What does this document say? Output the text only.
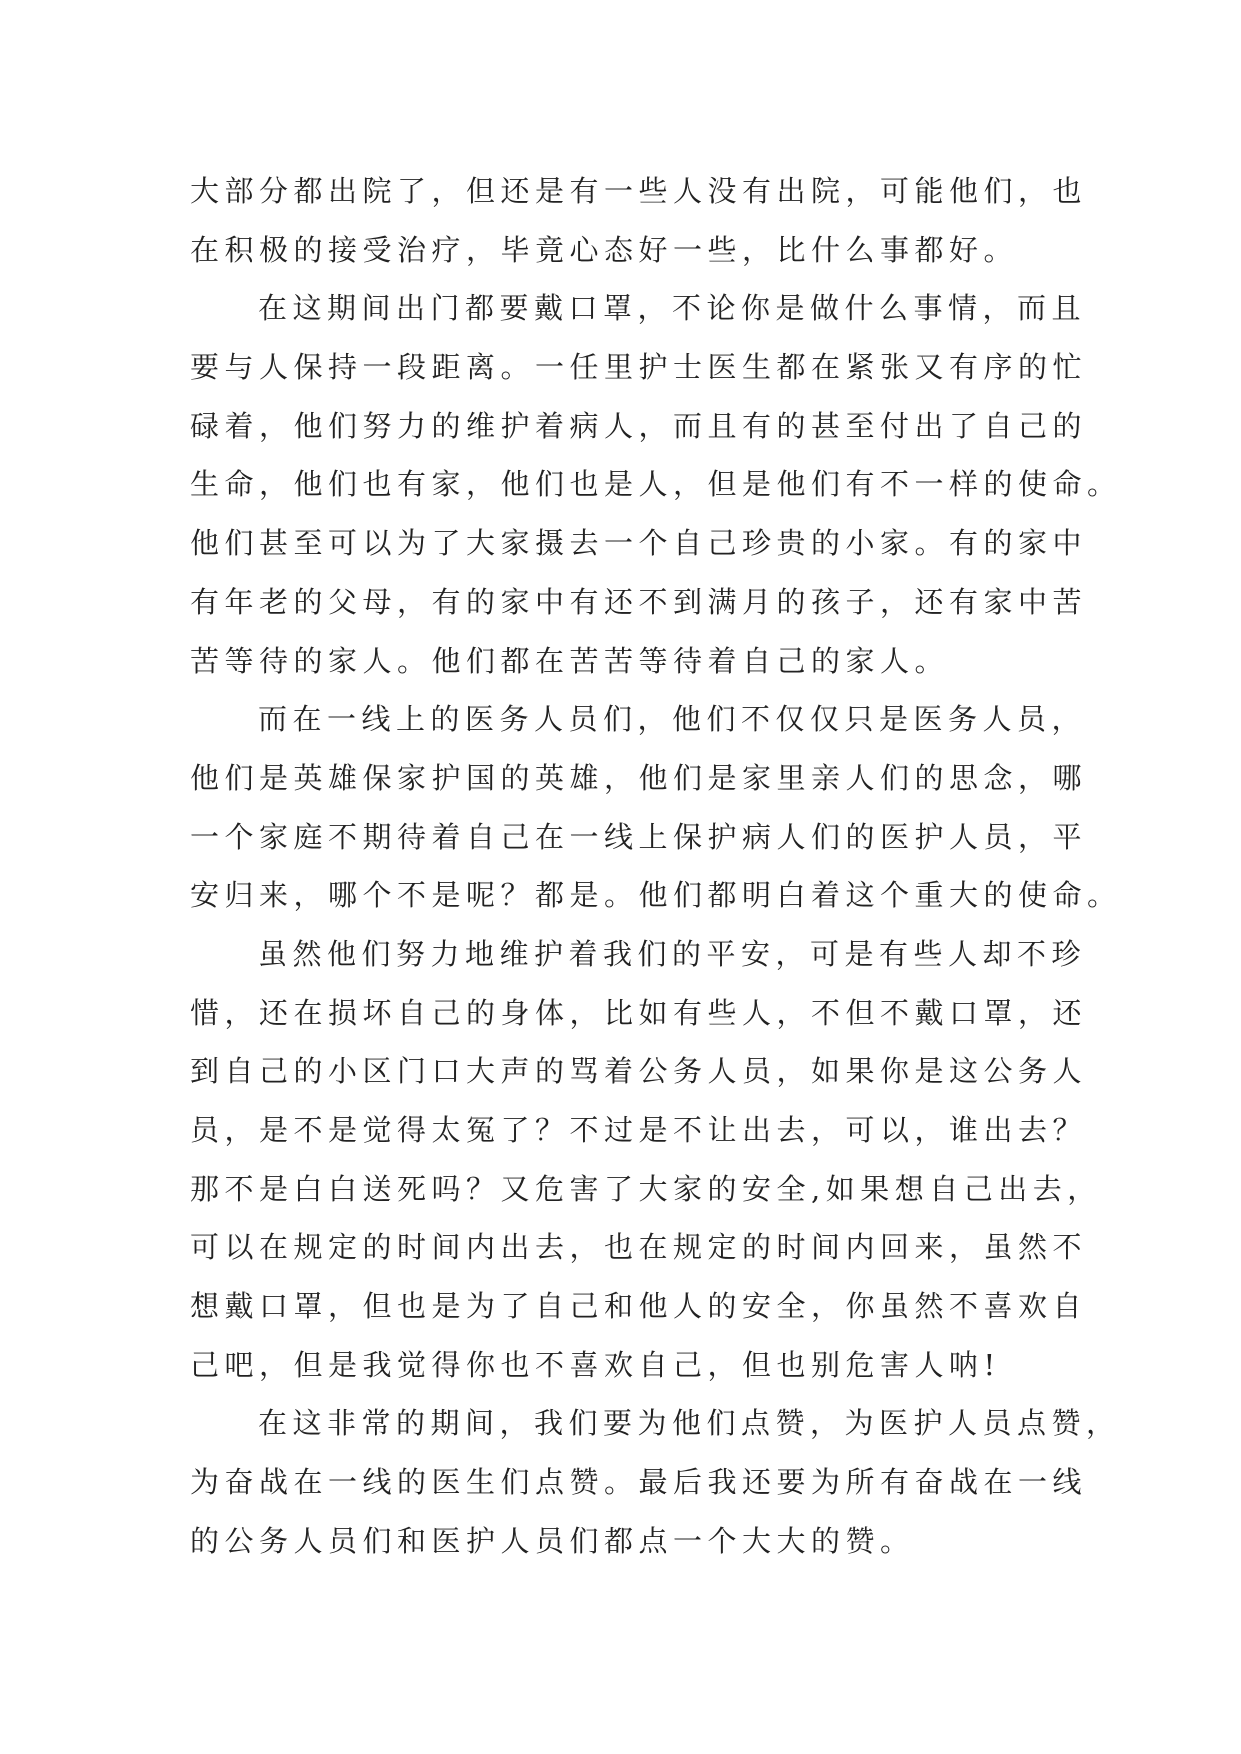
大部分都出院了，但还是有一些人没有出院，可能他们，也
在积极的接受治疗，毕竟心态好一些，比什么事都好。
在这期间出门都要戴口罩，不论你是做什么事情，而且
要与人保持一段距离。一任里护士医生都在紧张又有序的忙
碌着，他们努力的维护着病人，而且有的甚至付出了自己的
生命，他们也有家，他们也是人，但是他们有不一样的使命。
他们甚至可以为了大家摄去一个自己珍贵的小家。有的家中
有年老的父母，有的家中有还不到满月的孩子，还有家中苦
苦等待的家人。他们都在苦苦等待着自己的家人。
而在一线上的医务人员们，他们不仅仅只是医务人员，
他们是英雄保家护国的英雄，他们是家里亲人们的思念，哪
一个家庭不期待着自己在一线上保护病人们的医护人员，平
安归来，哪个不是呢？都是。他们都明白着这个重大的使命。
虽然他们努力地维护着我们的平安，可是有些人却不珍
惜，还在损坏自己的身体，比如有些人，不但不戴口罩，还
到自己的小区门口大声的骂着公务人员，如果你是这公务人
员，是不是觉得太冤了？不过是不让出去，可以，谁出去？
那不是白白送死吗？又危害了大家的安全,如果想自己出去，
可以在规定的时间内出去，也在规定的时间内回来，虽然不
想戴口罩，但也是为了自己和他人的安全，你虽然不喜欢自
己吧，但是我觉得你也不喜欢自己，但也别危害人呐!
在这非常的期间，我们要为他们点赞，为医护人员点赞，
为奋战在一线的医生们点赞。最后我还要为所有奋战在一线
的公务人员们和医护人员们都点一个大大的赞。
